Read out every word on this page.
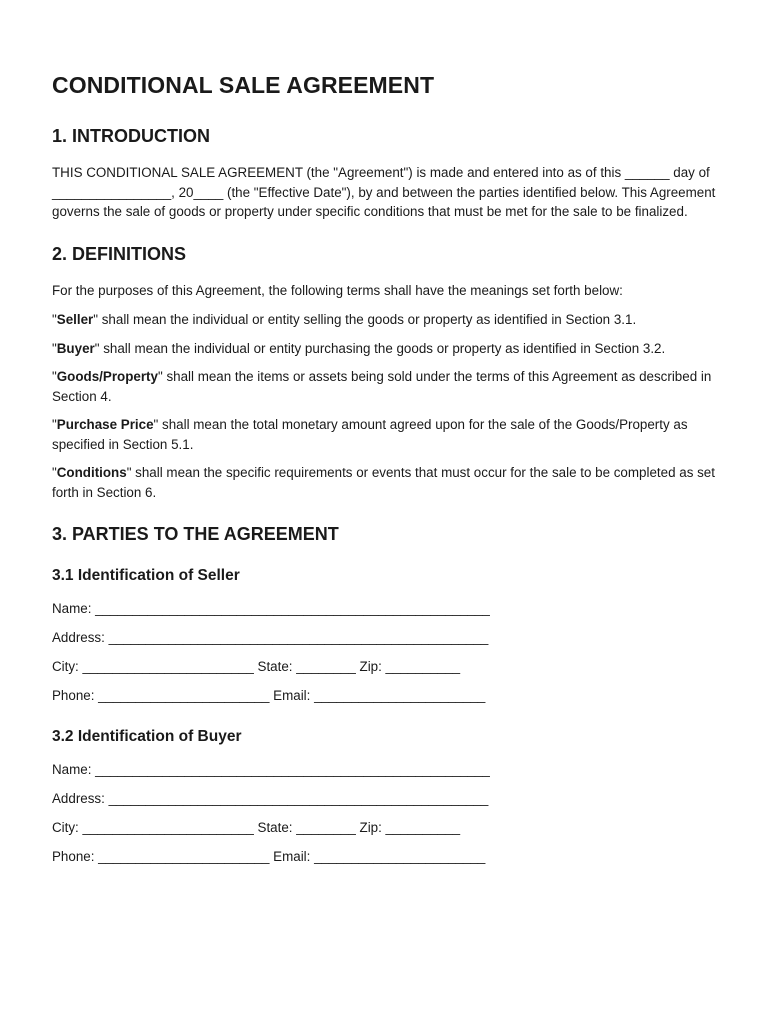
CONDITIONAL SALE AGREEMENT
1. INTRODUCTION

THIS CONDITIONAL SALE AGREEMENT (the "Agreement") is made and entered into as of this ______ day of ________________, 20____ (the "Effective Date"), by and between the parties identified below. This Agreement governs the sale of goods or property under specific conditions that must be met for the sale to be finalized.

2. DEFINITIONS

For the purposes of this Agreement, the following terms shall have the meanings set forth below:

"Seller" shall mean the individual or entity selling the goods or property as identified in Section 3.1.

"Buyer" shall mean the individual or entity purchasing the goods or property as identified in Section 3.2.

"Goods/Property" shall mean the items or assets being sold under the terms of this Agreement as described in Section 4.

"Purchase Price" shall mean the total monetary amount agreed upon for the sale of the Goods/Property as specified in Section 5.1.

"Conditions" shall mean the specific requirements or events that must occur for the sale to be completed as set forth in Section 6.

3. PARTIES TO THE AGREEMENT
3.1 Identification of Seller
Name: _____________________________________________________
Address: ___________________________________________________
City: _______________________ State: ________ Zip: __________
Phone: _______________________ Email: _______________________
3.2 Identification of Buyer
Name: _____________________________________________________
Address: ___________________________________________________
City: _______________________ State: ________ Zip: __________
Phone: _______________________ Email: _______________________
